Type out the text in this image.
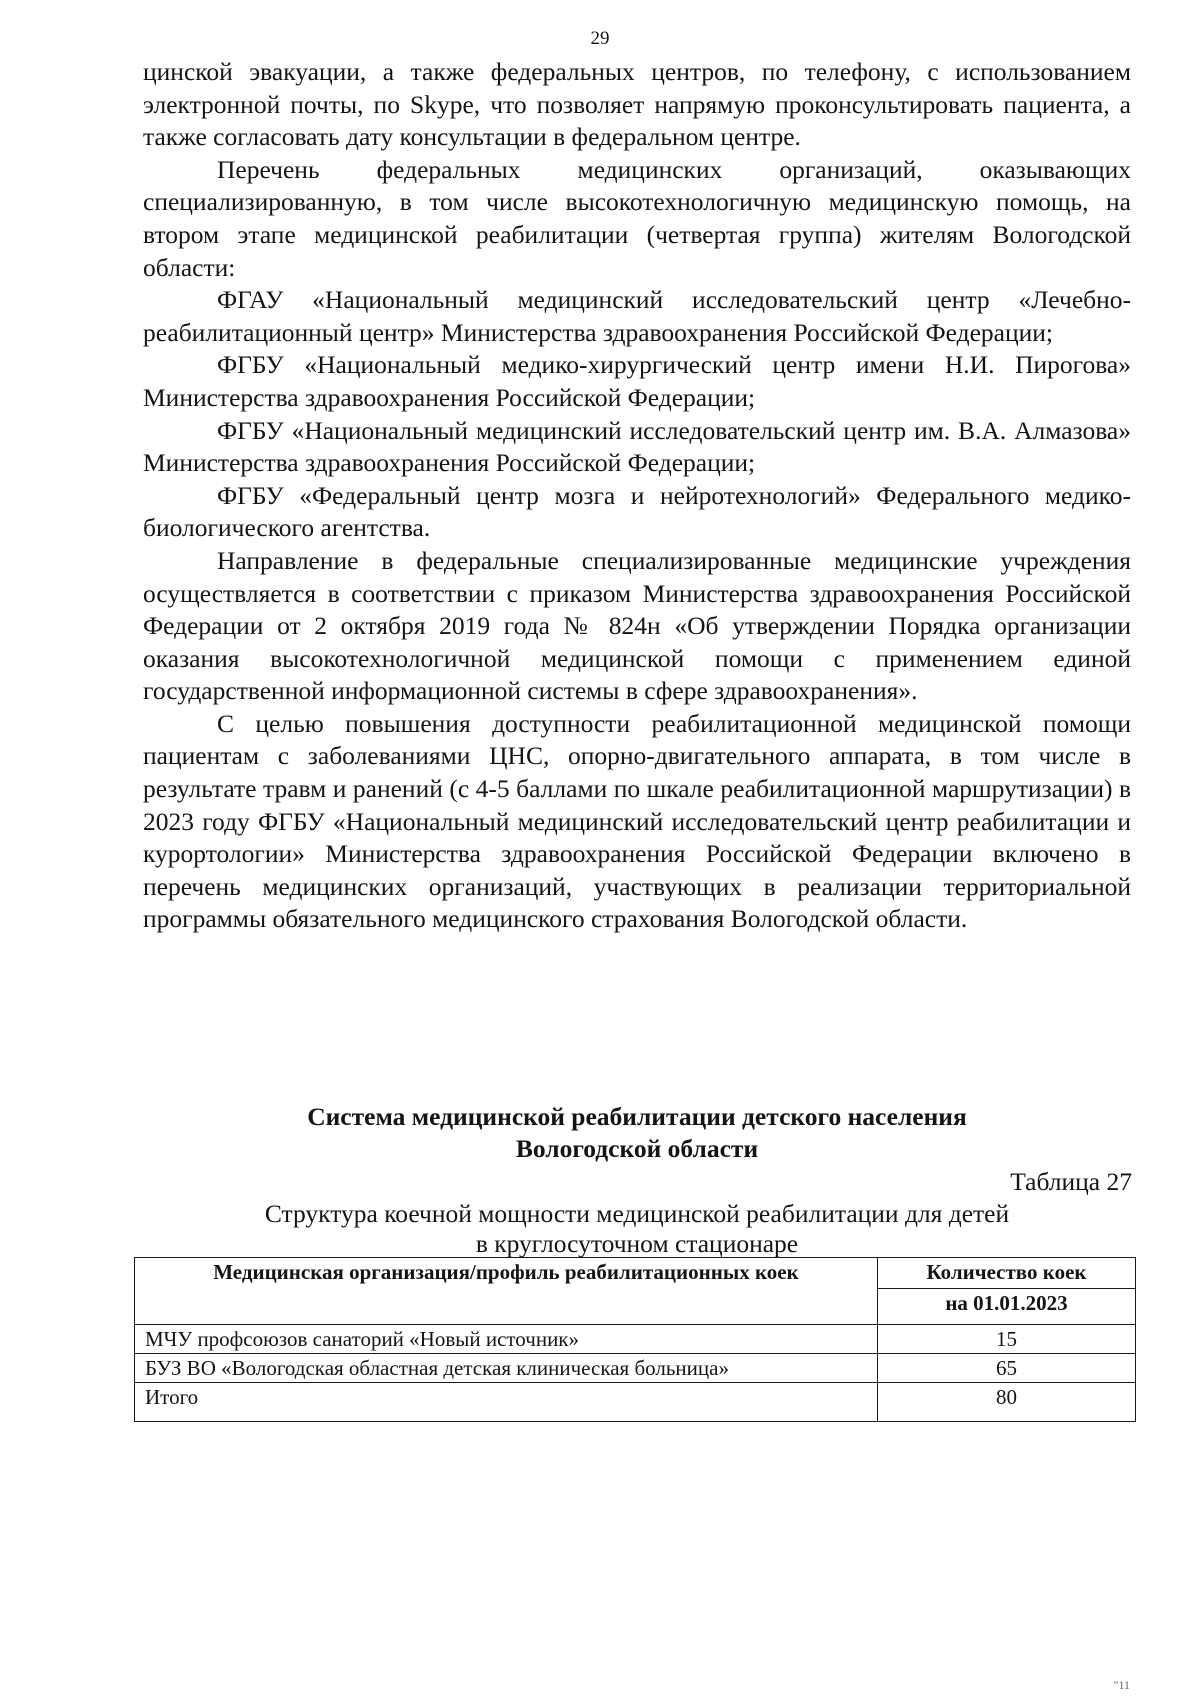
29

цинской эвакуации, а также федеральных центров, по телефону, с использованием электронной почты, по Skype, что позволяет напрямую проконсультировать пациента, а также согласовать дату консультации в федеральном центре.

Перечень федеральных медицинских организаций, оказывающих специализированную, в том числе высокотехнологичную медицинскую помощь, на втором этапе медицинской реабилитации (четвертая группа) жителям Вологодской области:

ФГАУ «Национальный медицинский исследовательский центр «Лечебно-реабилитационный центр» Министерства здравоохранения Российской Федерации;

ФГБУ «Национальный медико-хирургический центр имени Н.И. Пирогова» Министерства здравоохранения Российской Федерации;

ФГБУ «Национальный медицинский исследовательский центр им. В.А. Алмазова» Министерства здравоохранения Российской Федерации;

ФГБУ «Федеральный центр мозга и нейротехнологий» Федерального медико-биологического агентства.

Направление в федеральные специализированные медицинские учреждения осуществляется в соответствии с приказом Министерства здравоохранения Российской Федерации от 2 октября 2019 года № 824н «Об утверждении Порядка организации оказания высокотехнологичной медицинской помощи с применением единой государственной информационной системы в сфере здравоохранения».

С целью повышения доступности реабилитационной медицинской помощи пациентам с заболеваниями ЦНС, опорно-двигательного аппарата, в том числе в результате травм и ранений (с 4-5 баллами по шкале реабилитационной маршрутизации) в 2023 году ФГБУ «Национальный медицинский исследовательский центр реабилитации и курортологии» Министерства здравоохранения Российской Федерации включено в перечень медицинских организаций, участвующих в реализации территориальной программы обязательного медицинского страхования Вологодской области.

Система медицинской реабилитации детского населения
Вологодской области
Таблица 27
Структура коечной мощности медицинской реабилитации для детей
в круглосуточном стационаре
Медицинская организация/профиль реабилитационных коек	Количество коек
	на 01.01.2023
МЧУ профсоюзов санаторий «Новый источник»	15
БУЗ ВО «Вологодская областная детская клиническая больница»	65
Итого	80
"11
